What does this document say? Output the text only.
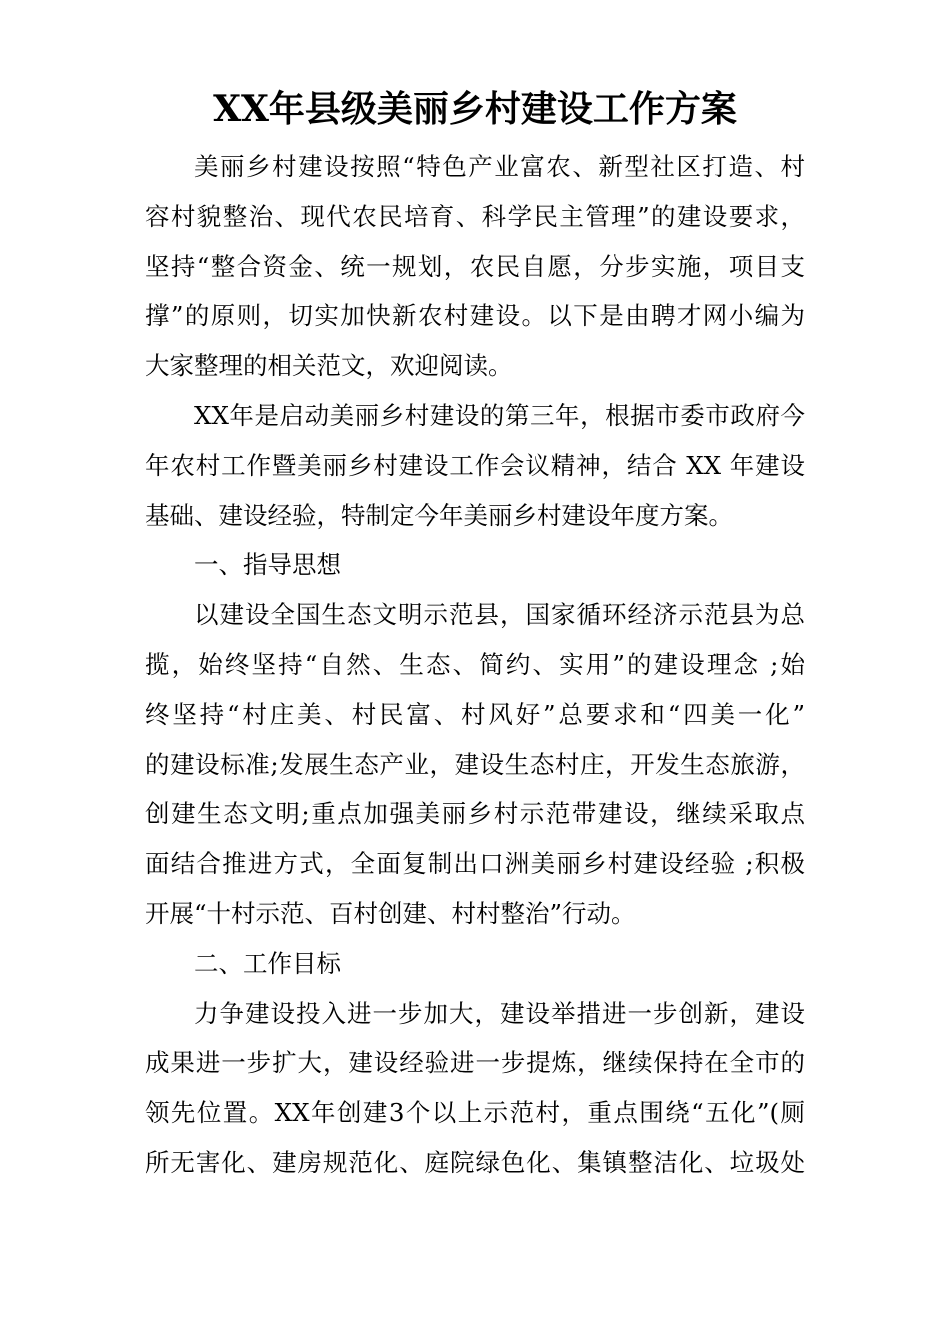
XX年县级美丽乡村建设工作方案
美丽乡村建设按照“特色产业富农、新型社区打造、村
容村貌整治、现代农民培育、科学民主管理”的建设要求，
坚持“整合资金、统一规划，农民自愿，分步实施，项目支
撑”的原则，切实加快新农村建设。以下是由聘才网小编为
大家整理的相关范文，欢迎阅读。
XX年是启动美丽乡村建设的第三年，根据市委市政府今
年农村工作暨美丽乡村建设工作会议精神，结合 XX 年建设
基础、建设经验，特制定今年美丽乡村建设年度方案。
一、指导思想
以建设全国生态文明示范县，国家循环经济示范县为总
揽，始终坚持“自然、生态、简约、实用”的建设理念 ;始
终坚持“村庄美、村民富、村风好”总要求和“四美一化”
的建设标准;发展生态产业，建设生态村庄，开发生态旅游，
创建生态文明;重点加强美丽乡村示范带建设，继续采取点
面结合推进方式，全面复制出口洲美丽乡村建设经验 ;积极
开展“十村示范、百村创建、村村整治”行动。
二、工作目标
力争建设投入进一步加大，建设举措进一步创新，建设
成果进一步扩大，建设经验进一步提炼，继续保持在全市的
领先位置。XX年创建3个以上示范村，重点围绕“五化”(厕
所无害化、建房规范化、庭院绿色化、集镇整洁化、垃圾处
